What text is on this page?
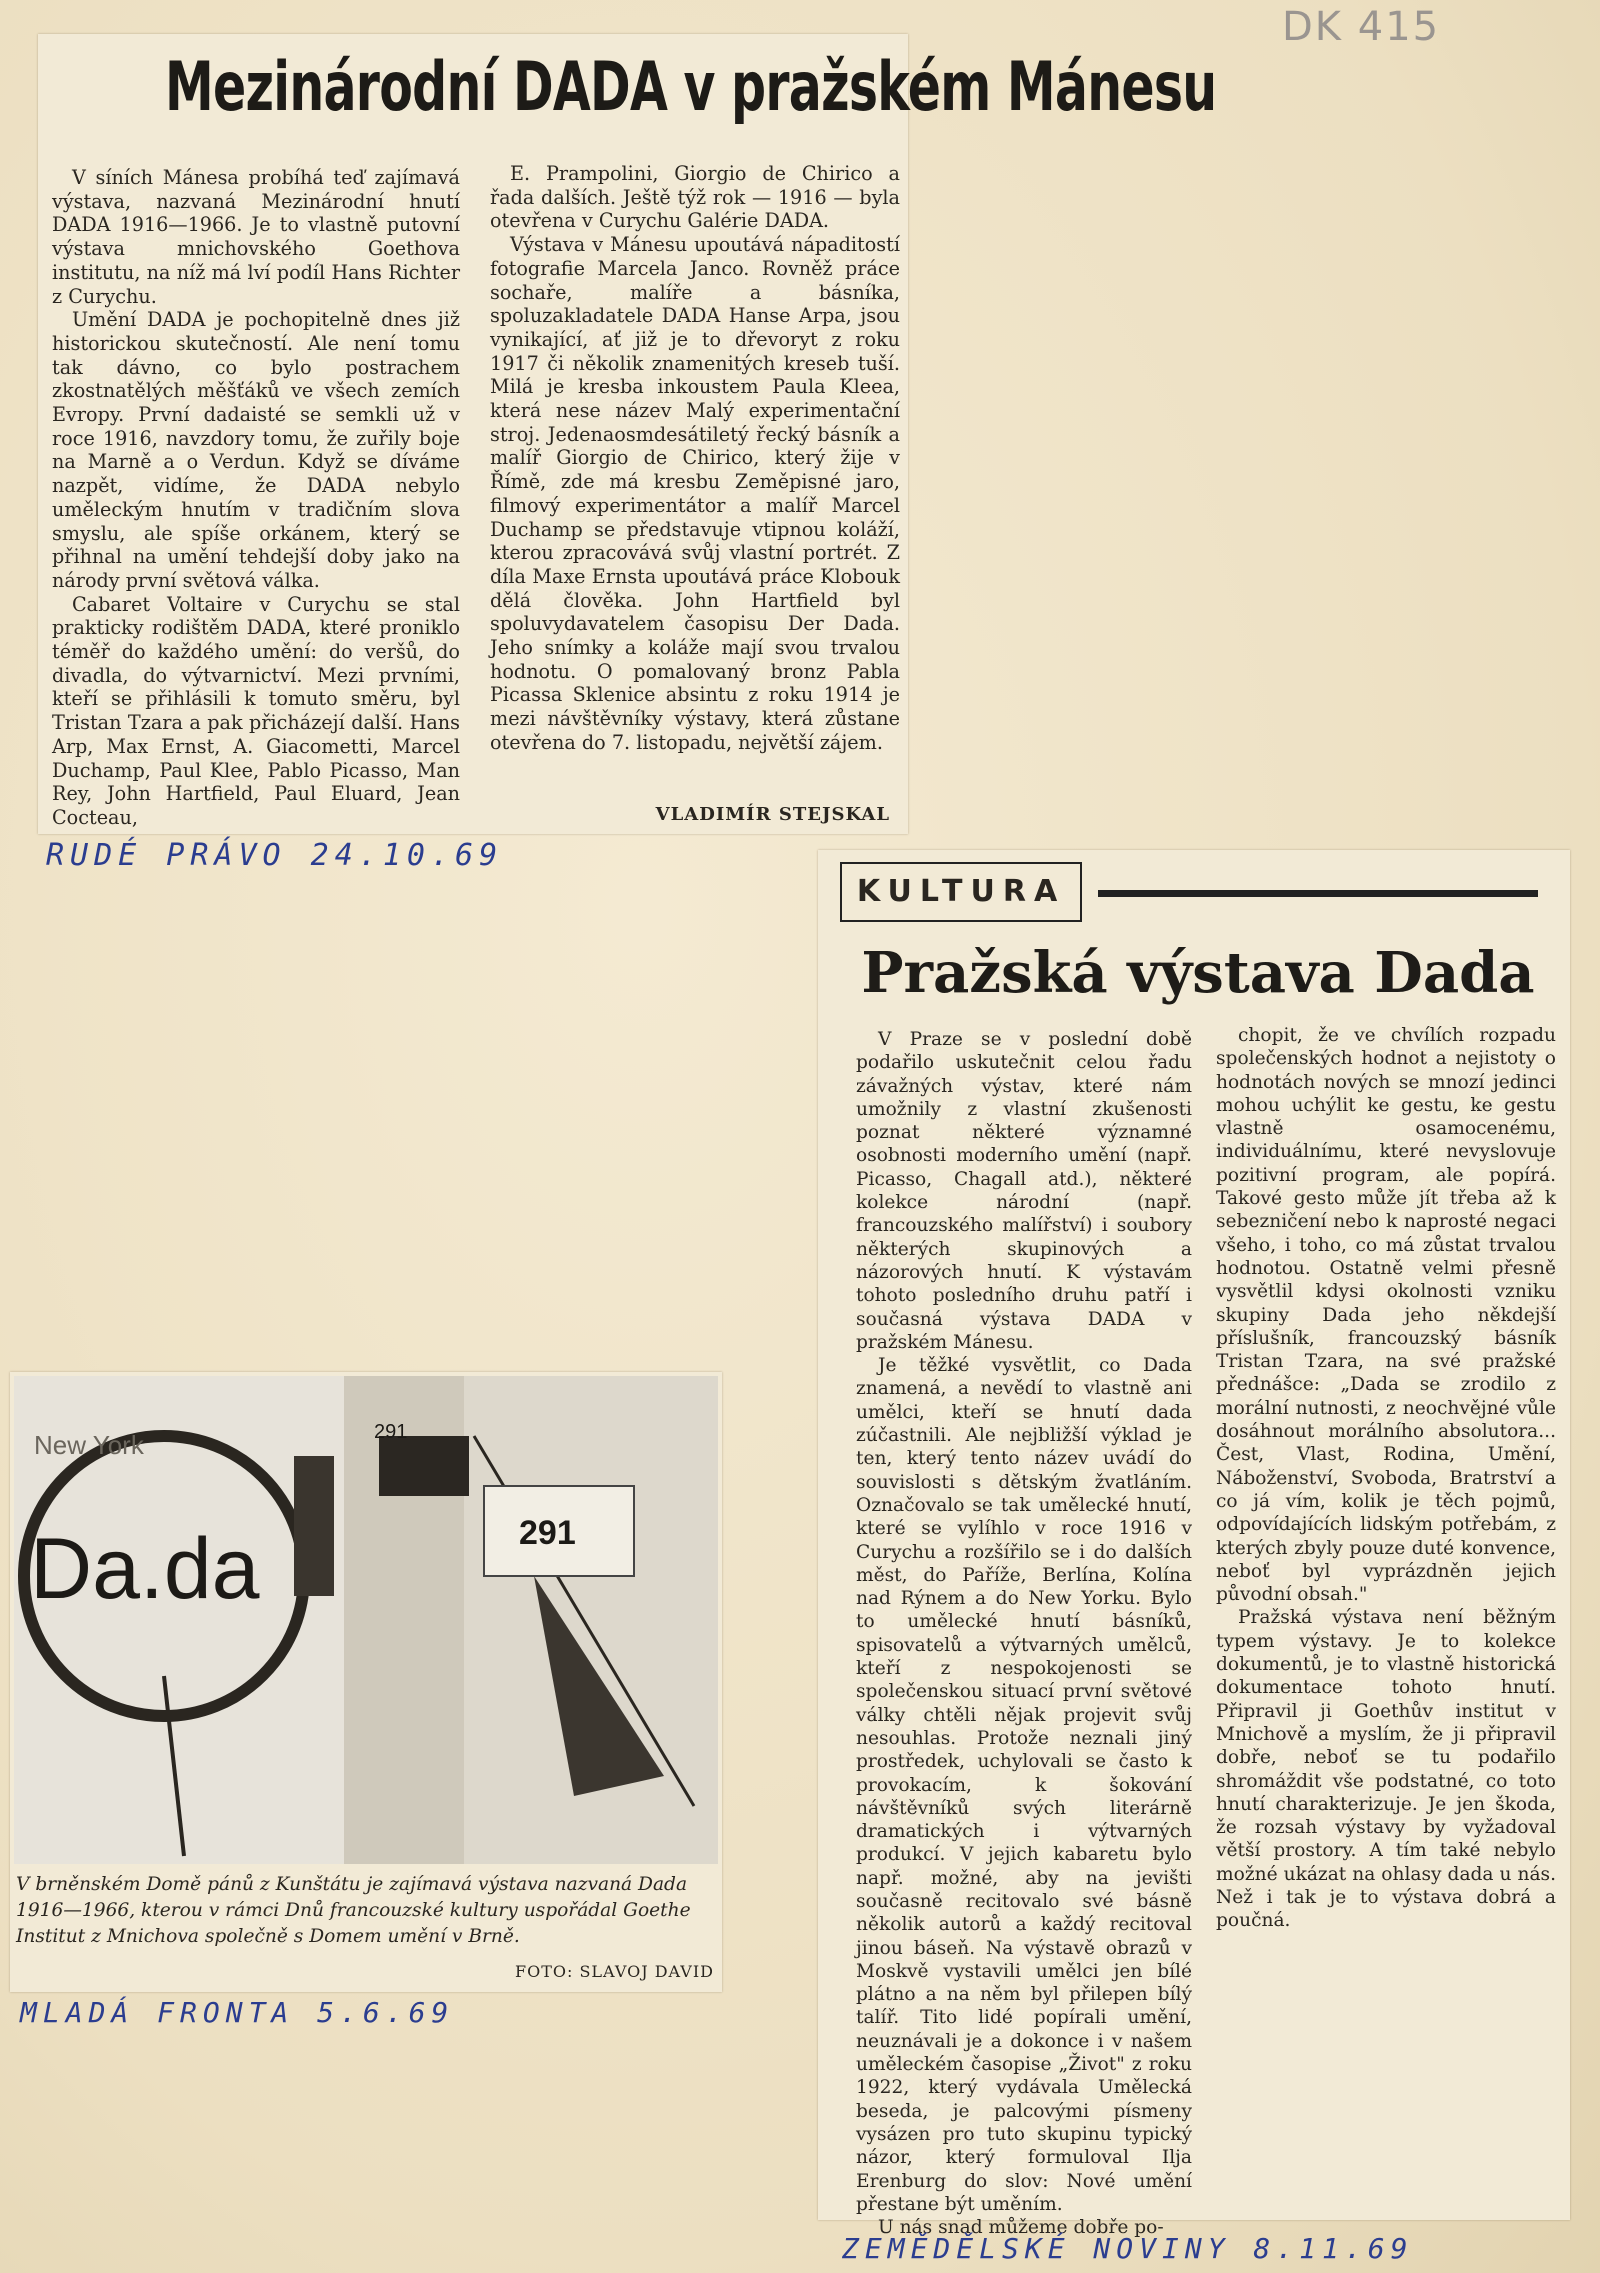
DK 415
Mezinárodní DADA v pražském Mánesu

V síních Mánesa probíhá teď zajímavá výstava, nazvaná Mezinárodní hnutí DADA 1916—1966. Je to vlastně putovní výstava mnichovského Goethova institutu, na níž má lví podíl Hans Richter z Curychu.

Umění DADA je pochopitelně dnes již historickou skutečností. Ale není tomu tak dávno, co bylo postrachem zkostnatělých měšťáků ve všech zemích Evropy. První dadaisté se semkli už v roce 1916, navzdory tomu, že zuřily boje na Marně a o Verdun. Když se díváme nazpět, vidíme, že DADA nebylo uměleckým hnutím v tradičním slova smyslu, ale spíše orkánem, který se přihnal na umění tehdejší doby jako na národy první světová válka.

Cabaret Voltaire v Curychu se stal prakticky rodištěm DADA, které proniklo téměř do každého umění: do veršů, do divadla, do výtvarnictví. Mezi prvními, kteří se přihlásili k tomuto směru, byl Tristan Tzara a pak přicházejí další. Hans Arp, Max Ernst, A. Giacometti, Marcel Duchamp, Paul Klee, Pablo Picasso, Man Rey, John Hartfield, Paul Eluard, Jean Cocteau,

E. Prampolini, Giorgio de Chirico a řada dalších. Ještě týž rok — 1916 — byla otevřena v Curychu Galérie DADA.

Výstava v Mánesu upoutává nápaditostí fotografie Marcela Janco. Rovněž práce sochaře, malíře a básníka, spoluzakladatele DADA Hanse Arpa, jsou vynikající, ať již je to dřevoryt z roku 1917 či několik znamenitých kreseb tuší. Milá je kresba inkoustem Paula Kleea, která nese název Malý experimentační stroj. Jedenaosmdesátiletý řecký básník a malíř Giorgio de Chirico, který žije v Římě, zde má kresbu Zeměpisné jaro, filmový experimentátor a malíř Marcel Duchamp se představuje vtipnou koláží, kterou zpracovává svůj vlastní portrét. Z díla Maxe Ernsta upoutává práce Klobouk dělá člověka. John Hartfield byl spoluvydavatelem časopisu Der Dada. Jeho snímky a koláže mají svou trvalou hodnotu. O pomalovaný bronz Pabla Picassa Sklenice absintu z roku 1914 je mezi návštěvníky výstavy, která zůstane otevřena do 7. listopadu, největší zájem.

VLADIMÍR STEJSKAL
RUDÉ PRÁVO 24.10.69
KULTURA
Pražská výstava Dada

V Praze se v poslední době podařilo uskutečnit celou řadu závažných výstav, které nám umožnily z vlastní zkušenosti poznat některé významné osobnosti moderního umění (např. Picasso, Chagall atd.), některé kolekce národní (např. francouzského malířství) i soubory některých skupinových a názorových hnutí. K výstavám tohoto posledního druhu patří i současná výstava DADA v pražském Mánesu.

Je těžké vysvětlit, co Dada znamená, a nevědí to vlastně ani umělci, kteří se hnutí dada zúčastnili. Ale nejbližší výklad je ten, který tento název uvádí do souvislosti s dětským žvatláním. Označovalo se tak umělecké hnutí, které se vylíhlo v roce 1916 v Curychu a rozšířilo se i do dalších měst, do Paříže, Berlína, Kolína nad Rýnem a do New Yorku. Bylo to umělecké hnutí básníků, spisovatelů a výtvarných umělců, kteří z nespokojenosti se společenskou situací první světové války chtěli nějak projevit svůj nesouhlas. Protože neznali jiný prostředek, uchylovali se často k provokacím, k šokování návštěvníků svých literárně dramatických i výtvarných produkcí. V jejich kabaretu bylo např. možné, aby na jevišti současně recitovalo své básně několik autorů a každý recitoval jinou báseň. Na výstavě obrazů v Moskvě vystavili umělci jen bílé plátno a na něm byl přilepen bílý talíř. Tito lidé popírali umění, neuznávali je a dokonce i v našem uměleckém časopise „Život" z roku 1922, který vydávala Umělecká beseda, je palcovými písmeny vysázen pro tuto skupinu typický názor, který formuloval Ilja Erenburg do slov: Nové umění přestane být uměním.

U nás snad můžeme dobře po-

chopit, že ve chvílích rozpadu společenských hodnot a nejistoty o hodnotách nových se mnozí jedinci mohou uchýlit ke gestu, ke gestu vlastně osamocenému, individuálnímu, které nevyslovuje pozitivní program, ale popírá. Takové gesto může jít třeba až k sebezničení nebo k naprosté negaci všeho, i toho, co má zůstat trvalou hodnotou. Ostatně velmi přesně vysvětlil kdysi okolnosti vzniku skupiny Dada jeho někdejší příslušník, francouzský básník Tristan Tzara, na své pražské přednášce: „Dada se zrodilo z morální nutnosti, z neochvějné vůle dosáhnout morálního absolutora... Čest, Vlast, Rodina, Umění, Náboženství, Svoboda, Bratrství a co já vím, kolik je těch pojmů, odpovídajících lidským potřebám, z kterých zbyly pouze duté konvence, neboť byl vyprázdněn jejich původní obsah."

Pražská výstava není běžným typem výstavy. Je to kolekce dokumentů, je to vlastně historická dokumentace tohoto hnutí. Připravil ji Goethův institut v Mnichově a myslím, že ji připravil dobře, neboť se tu podařilo shromáždit vše podstatné, co toto hnutí charakterizuje. Je jen škoda, že rozsah výstavy by vyžadoval větší prostory. A tím také nebylo možné ukázat na ohlasy dada u nás. Než i tak je to výstava dobrá a poučná.

ZEMĚDĚLSKÉ NOVINY 8.11.69
New York
Da.da
291
291
V brněnském Domě pánů z Kunštátu je zajímavá výstava nazvaná Dada 1916—1966, kterou v rámci Dnů francouzské kultury uspořádal Goethe Institut z Mnichova společně s Domem umění v Brně.
FOTO: SLAVOJ DAVID
MLADÁ FRONTA 5.6.69
